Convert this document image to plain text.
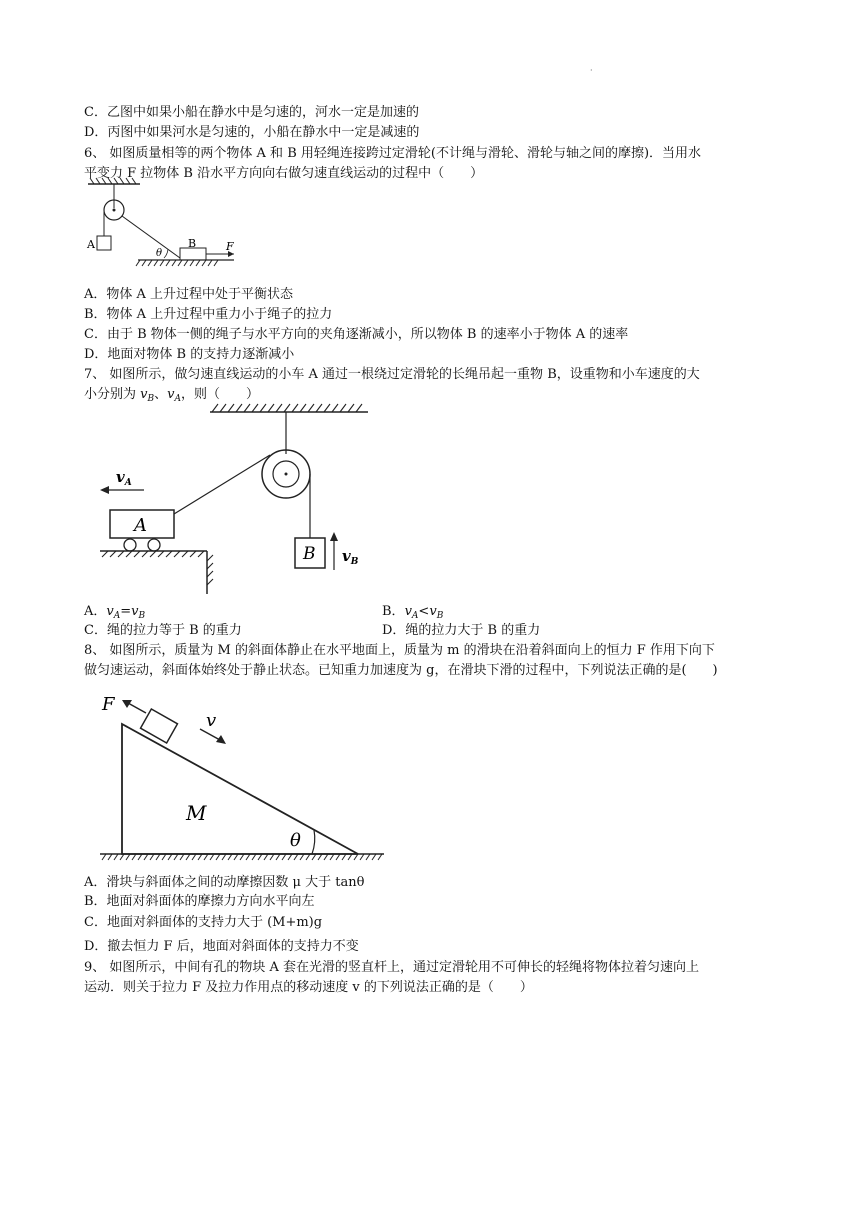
·
C．乙图中如果小船在静水中是匀速的，河水一定是加速的
D．丙图中如果河水是匀速的，小船在静水中一定是减速的
6、 如图质量相等的两个物体 A 和 B 用轻绳连接跨过定滑轮(不计绳与滑轮、滑轮与轴之间的摩擦)．当用水
平变力 F 拉物体 B 沿水平方向向右做匀速直线运动的过程中（　　）
A
θ
B	F
A．物体 A 上升过程中处于平衡状态
B．物体 A 上升过程中重力小于绳子的拉力
C．由于 B 物体一侧的绳子与水平方向的夹角逐渐减小，所以物体 B 的速率小于物体 A 的速率
D．地面对物体 B 的支持力逐渐减小
7、 如图所示，做匀速直线运动的小车 A 通过一根绕过定滑轮的长绳吊起一重物 B，设重物和小车速度的大
小分别为 $v_B$、$v_A$，则（　　）
B $v_B$
A
$v_A$
A．$v_A=v_B$	B．$v_A<v_B$
C．绳的拉力等于 B 的重力	D．绳的拉力大于 B 的重力
8、 如图所示，质量为 M 的斜面体静止在水平地面上，质量为 m 的滑块在沿着斜面向上的恒力 F 作用下向下
做匀速运动，斜面体始终处于静止状态。已知重力加速度为 g，在滑块下滑的过程中，下列说法正确的是(　　)
F
v
M
θ
A．滑块与斜面体之间的动摩擦因数 μ 大于 tanθ
B．地面对斜面体的摩擦力方向水平向左
C．地面对斜面体的支持力大于 (M+m)g
D．撤去恒力 F 后，地面对斜面体的支持力不变
9、 如图所示，中间有孔的物块 A 套在光滑的竖直杆上，通过定滑轮用不可伸长的轻绳将物体拉着匀速向上
运动．则关于拉力 F 及拉力作用点的移动速度 v 的下列说法正确的是（　　）
